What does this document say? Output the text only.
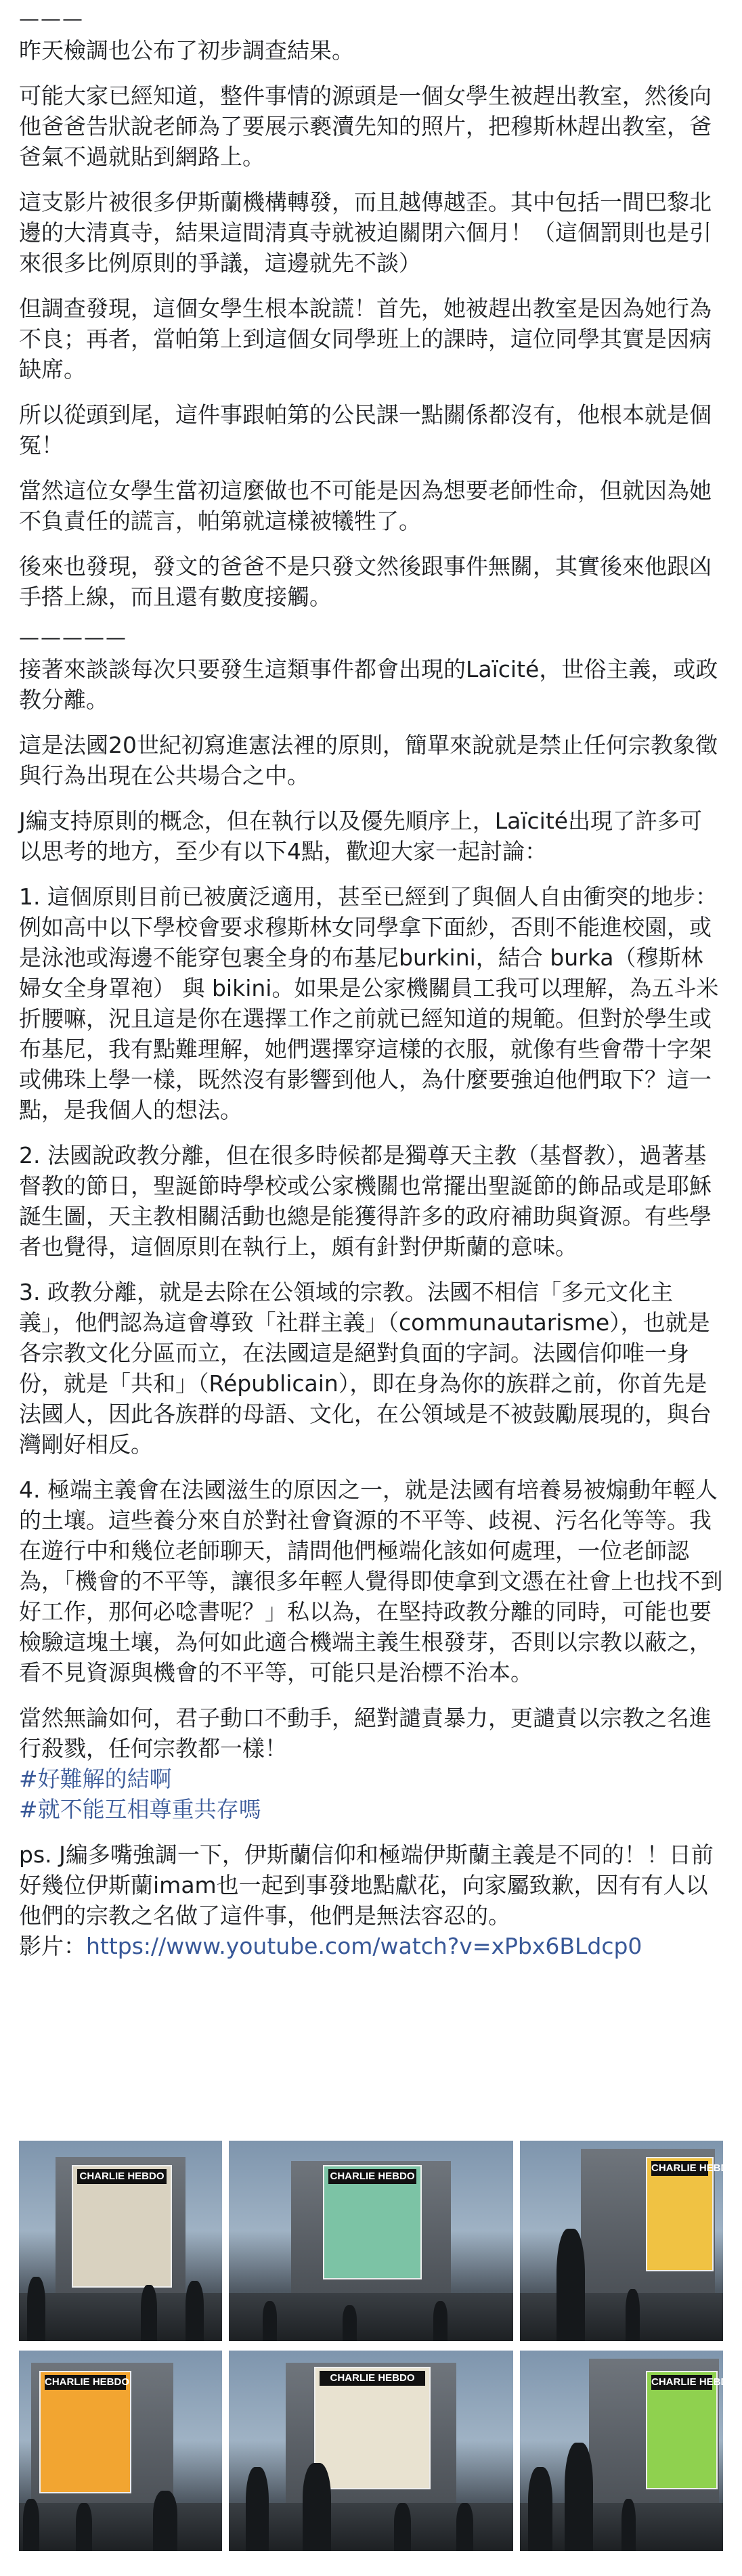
———

昨天檢調也公布了初步調查結果。

可能大家已經知道，整件事情的源頭是一個女學生被趕出教室，然後向他爸爸告狀說老師為了要展示褻瀆先知的照片，把穆斯林趕出教室，爸爸氣不過就貼到網路上。

這支影片被很多伊斯蘭機構轉發，而且越傳越歪。其中包括一間巴黎北邊的大清真寺，結果這間清真寺就被迫關閉六個月！（這個罰則也是引來很多比例原則的爭議，這邊就先不談）

但調查發現，這個女學生根本說謊！首先，她被趕出教室是因為她行為不良；再者，當帕第上到這個女同學班上的課時，這位同學其實是因病缺席。

所以從頭到尾，這件事跟帕第的公民課一點關係都沒有，他根本就是個冤！

當然這位女學生當初這麼做也不可能是因為想要老師性命，但就因為她不負責任的謊言，帕第就這樣被犧牲了。

後來也發現，發文的爸爸不是只發文然後跟事件無關，其實後來他跟凶手搭上線，而且還有數度接觸。

—————

接著來談談每次只要發生這類事件都會出現的Laïcité，世俗主義，或政教分離。

這是法國20世紀初寫進憲法裡的原則，簡單來說就是禁止任何宗教象徵與行為出現在公共場合之中。

J編支持原則的概念，但在執行以及優先順序上，Laïcité出現了許多可以思考的地方，至少有以下4點，歡迎大家一起討論：

1. 這個原則目前已被廣泛適用，甚至已經到了與個人自由衝突的地步：例如高中以下學校會要求穆斯林女同學拿下面紗，否則不能進校園，或是泳池或海邊不能穿包裹全身的布基尼burkini，結合 burka（穆斯林婦女全身罩袍） 與 bikini。如果是公家機關員工我可以理解，為五斗米折腰嘛，況且這是你在選擇工作之前就已經知道的規範。但對於學生或布基尼，我有點難理解，她們選擇穿這樣的衣服，就像有些會帶十字架或佛珠上學一樣，既然沒有影響到他人，為什麼要強迫他們取下？這一點，是我個人的想法。

2. 法國說政教分離，但在很多時候都是獨尊天主教（基督教），過著基督教的節日，聖誕節時學校或公家機關也常擺出聖誕節的飾品或是耶穌誕生圖，天主教相關活動也總是能獲得許多的政府補助與資源。有些學者也覺得，這個原則在執行上，頗有針對伊斯蘭的意味。

3. 政教分離，就是去除在公領域的宗教。法國不相信「多元文化主義」，他們認為這會導致「社群主義」（communautarisme），也就是各宗教文化分區而立，在法國這是絕對負面的字詞。法國信仰唯一身份，就是「共和」（Républicain），即在身為你的族群之前，你首先是法國人，因此各族群的母語、文化，在公領域是不被鼓勵展現的，與台灣剛好相反。

4. 極端主義會在法國滋生的原因之一，就是法國有培養易被煽動年輕人的土壤。這些養分來自於對社會資源的不平等、歧視、污名化等等。我在遊行中和幾位老師聊天，請問他們極端化該如何處理，一位老師認為，「機會的不平等，讓很多年輕人覺得即使拿到文憑在社會上也找不到好工作，那何必唸書呢？」私以為，在堅持政教分離的同時，可能也要檢驗這塊土壤，為何如此適合機端主義生根發芽，否則以宗教以蔽之，看不見資源與機會的不平等，可能只是治標不治本。

當然無論如何，君子動口不動手，絕對譴責暴力，更譴責以宗教之名進行殺戮，任何宗教都一樣！

#好難解的結啊
#就不能互相尊重共存嗎

ps. J編多嘴強調一下，伊斯蘭信仰和極端伊斯蘭主義是不同的！！日前好幾位伊斯蘭imam也一起到事發地點獻花，向家屬致歉，因有有人以他們的宗教之名做了這件事，他們是無法容忍的。

影片：https://www.youtube.com/watch?v=xPbx6BLdcp0

CHARLIE HEBDO	CHARLIE HEBDO
CHARLIE HEBDO
CHARLIE HEBDO	CHARLIE HEBDO	CHARLIE HEBDO
